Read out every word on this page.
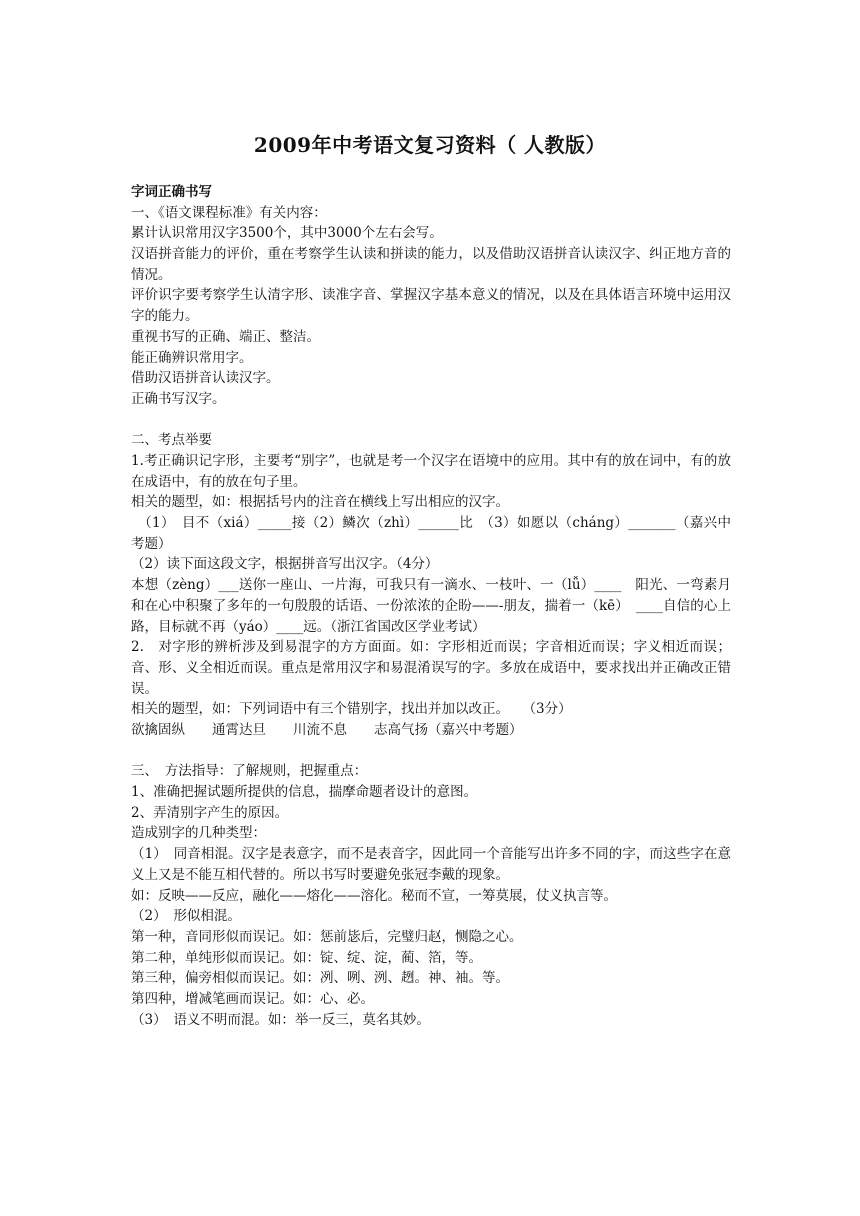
2009年中考语文复习资料（ 人教版）
字词正确书写
一、《语文课程标准》有关内容：
累计认识常用汉字3500个，其中3000个左右会写。
汉语拼音能力的评价，重在考察学生认读和拼读的能力，以及借助汉语拼音认读汉字、纠正地方音的情况。
评价识字要考察学生认清字形、读准字音、掌握汉字基本意义的情况，以及在具体语言环境中运用汉字的能力。
重视书写的正确、端正、整洁。
能正确辨识常用字。
借助汉语拼音认读汉字。
正确书写汉字。
二、考点举要
1.考正确识记字形，主要考“别字”，也就是考一个汉字在语境中的应用。其中有的放在词中，有的放在成语中，有的放在句子里。
相关的题型，如：根据括号内的注音在横线上写出相应的汉字。
　（1）　目不（xiá）_____接（2）鳞次（zhì）______比　（3）如愿以（cháng）_______（嘉兴中考题）
（2）读下面这段文字，根据拼音写出汉字。（4分）
本想（zèng）___送你一座山、一片海，可我只有一滴水、一枝叶、一（lǚ）____　阳光、一弯素月和在心中积聚了多年的一句殷殷的话语、一份浓浓的企盼——-朋友，揣着一（kē）　____自信的心上路，目标就不再（yáo）____远。（浙江省国改区学业考试）
2.　对字形的辨析涉及到易混字的方方面面。如：字形相近而误；字音相近而误；字义相近而误；音、形、义全相近而误。重点是常用汉字和易混淆误写的字。多放在成语中，要求找出并正确改正错误。
相关的题型，如：下列词语中有三个错别字，找出并加以改正。　　（3分）
欲擒固纵　　通霄达旦　　川流不息　　志高气扬（嘉兴中考题）
三、　方法指导：了解规则，把握重点：
1、准确把握试题所提供的信息，揣摩命题者设计的意图。
2、弄清别字产生的原因。
造成别字的几种类型：
（1）　同音相混。汉字是表意字，而不是表音字，因此同一个音能写出许多不同的字，而这些字在意义上又是不能互相代替的。所以书写时要避免张冠李戴的现象。
如：反映——反应，融化——熔化——溶化。秘而不宣，一筹莫展，仗义执言等。
（2）　形似相混。
第一种，音同形似而误记。如：惩前毖后，完璧归赵，恻隐之心。
第二种，单纯形似而误记。如：锭、绽、淀，蔺、箔，等。
第三种，偏旁相似而误记。如：冽、咧、洌、趔。神、袖。等。
第四种，增减笔画而误记。如：心、必。
（3）　语义不明而混。如：举一反三，莫名其妙。
